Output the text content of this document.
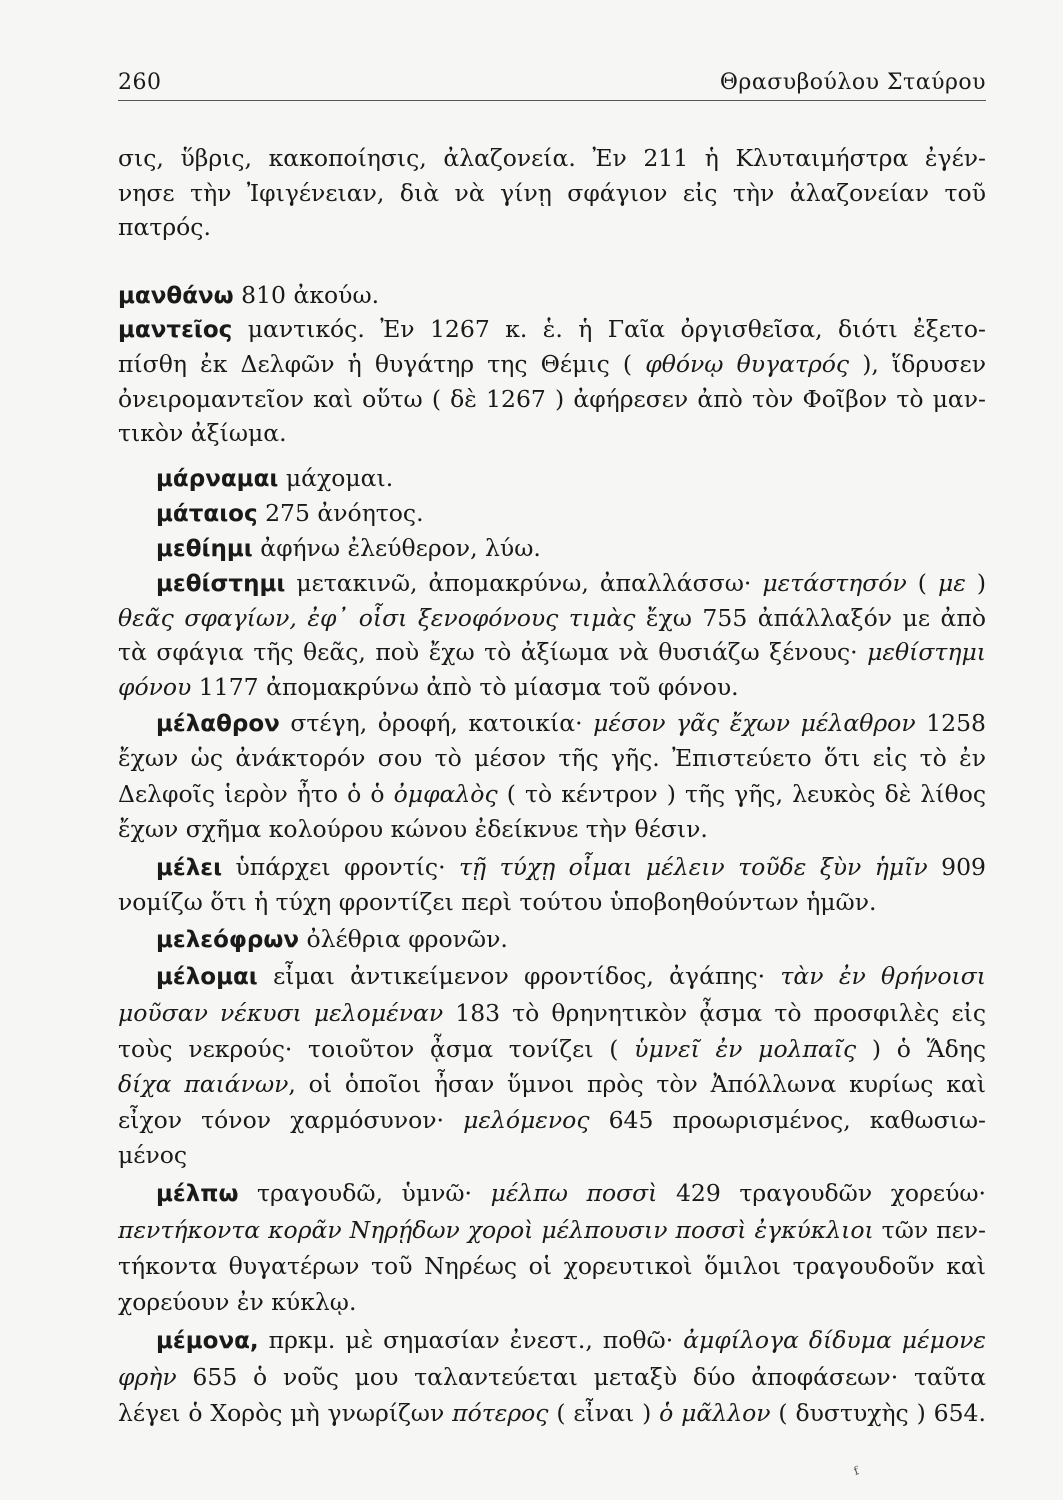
260	Θρασυβούλου Σταύρου
σις, ὕβρις, κακοποίησις, ἀλαζονεία. Ἐν 211 ἡ Κλυταιμήστρα ἐγέν-
νησε τὴν Ἰφιγένειαν, διὰ νὰ γίνῃ σφάγιον εἰς τὴν ἀλαζονείαν τοῦ
πατρός.
μανθάνω 810 ἀκούω.
μαντεῖος μαντικός. Ἐν 1267 κ. ἑ. ἡ Γαῖα ὀργισθεῖσα, διότι ἐξετο-
πίσθη ἐκ Δελφῶν ἡ θυγάτηρ της Θέμις ( φθόνῳ θυγατρός ), ἵδρυσεν
ὀνειρομαντεῖον καὶ οὕτω ( δὲ 1267 ) ἀφήρεσεν ἀπὸ τὸν Φοῖβον τὸ μαν-
τικὸν ἀξίωμα.
μάρναμαι μάχομαι.
μάταιος 275 ἀνόητος.
μεθίημι ἀφήνω ἐλεύθερον, λύω.
μεθίστημι μετακινῶ, ἀπομακρύνω, ἀπαλλάσσω· μετάστησόν ( με )
θεᾶς σφαγίων, ἐφ᾽ οἷσι ξενοφόνους τιμὰς ἔχω 755 ἀπάλλαξόν με ἀπὸ
τὰ σφάγια τῆς θεᾶς, ποὺ ἔχω τὸ ἀξίωμα νὰ θυσιάζω ξένους· μεθίστημι
φόνου 1177 ἀπομακρύνω ἀπὸ τὸ μίασμα τοῦ φόνου.
μέλαθρον στέγη, ὀροφή, κατοικία· μέσον γᾶς ἔχων μέλαθρον 1258
ἔχων ὡς ἀνάκτορόν σου τὸ μέσον τῆς γῆς. Ἐπιστεύετο ὅτι εἰς τὸ ἐν
Δελφοῖς ἱερὸν ἦτο ὁ ὁ ὀμφαλὸς ( τὸ κέντρον ) τῆς γῆς, λευκὸς δὲ λίθος
ἔχων σχῆμα κολούρου κώνου ἐδείκνυε τὴν θέσιν.
μέλει ὑπάρχει φροντίς· τῇ τύχῃ οἶμαι μέλειν τοῦδε ξὺν ἡμῖν 909
νομίζω ὅτι ἡ τύχη φροντίζει περὶ τούτου ὑποβοηθούντων ἡμῶν.
μελεόφρων ὀλέθρια φρονῶν.
μέλομαι εἶμαι ἀντικείμενον φροντίδος, ἀγάπης· τὰν ἐν θρήνοισι
μοῦσαν νέκυσι μελομέναν 183 τὸ θρηνητικὸν ᾆσμα τὸ προσφιλὲς εἰς
τοὺς νεκρούς· τοιοῦτον ᾆσμα τονίζει ( ὑμνεῖ ἐν μολπαῖς ) ὁ Ἅδης
δίχα παιάνων, οἱ ὁποῖοι ἦσαν ὕμνοι πρὸς τὸν Ἀπόλλωνα κυρίως καὶ
εἶχον τόνον χαρμόσυνον· μελόμενος 645 προωρισμένος, καθωσιω-
μένος
μέλπω τραγουδῶ, ὑμνῶ· μέλπω ποσσὶ 429 τραγουδῶν χορεύω·
πεντήκοντα κορᾶν Νηρῄδων χοροὶ μέλπουσιν ποσσὶ ἐγκύκλιοι τῶν πεν-
τήκοντα θυγατέρων τοῦ Νηρέως οἱ χορευτικοὶ ὅμιλοι τραγουδοῦν καὶ
χορεύουν ἐν κύκλῳ.
μέμονα, πρκμ. μὲ σημασίαν ἐνεστ., ποθῶ· ἀμφίλογα δίδυμα μέμονε
φρὴν 655 ὁ νοῦς μου ταλαντεύεται μεταξὺ δύο ἀποφάσεων· ταῦτα
λέγει ὁ Χορὸς μὴ γνωρίζων πότερος ( εἶναι ) ὁ μᾶλλον ( δυστυχὴς ) 654.
ᶠ
